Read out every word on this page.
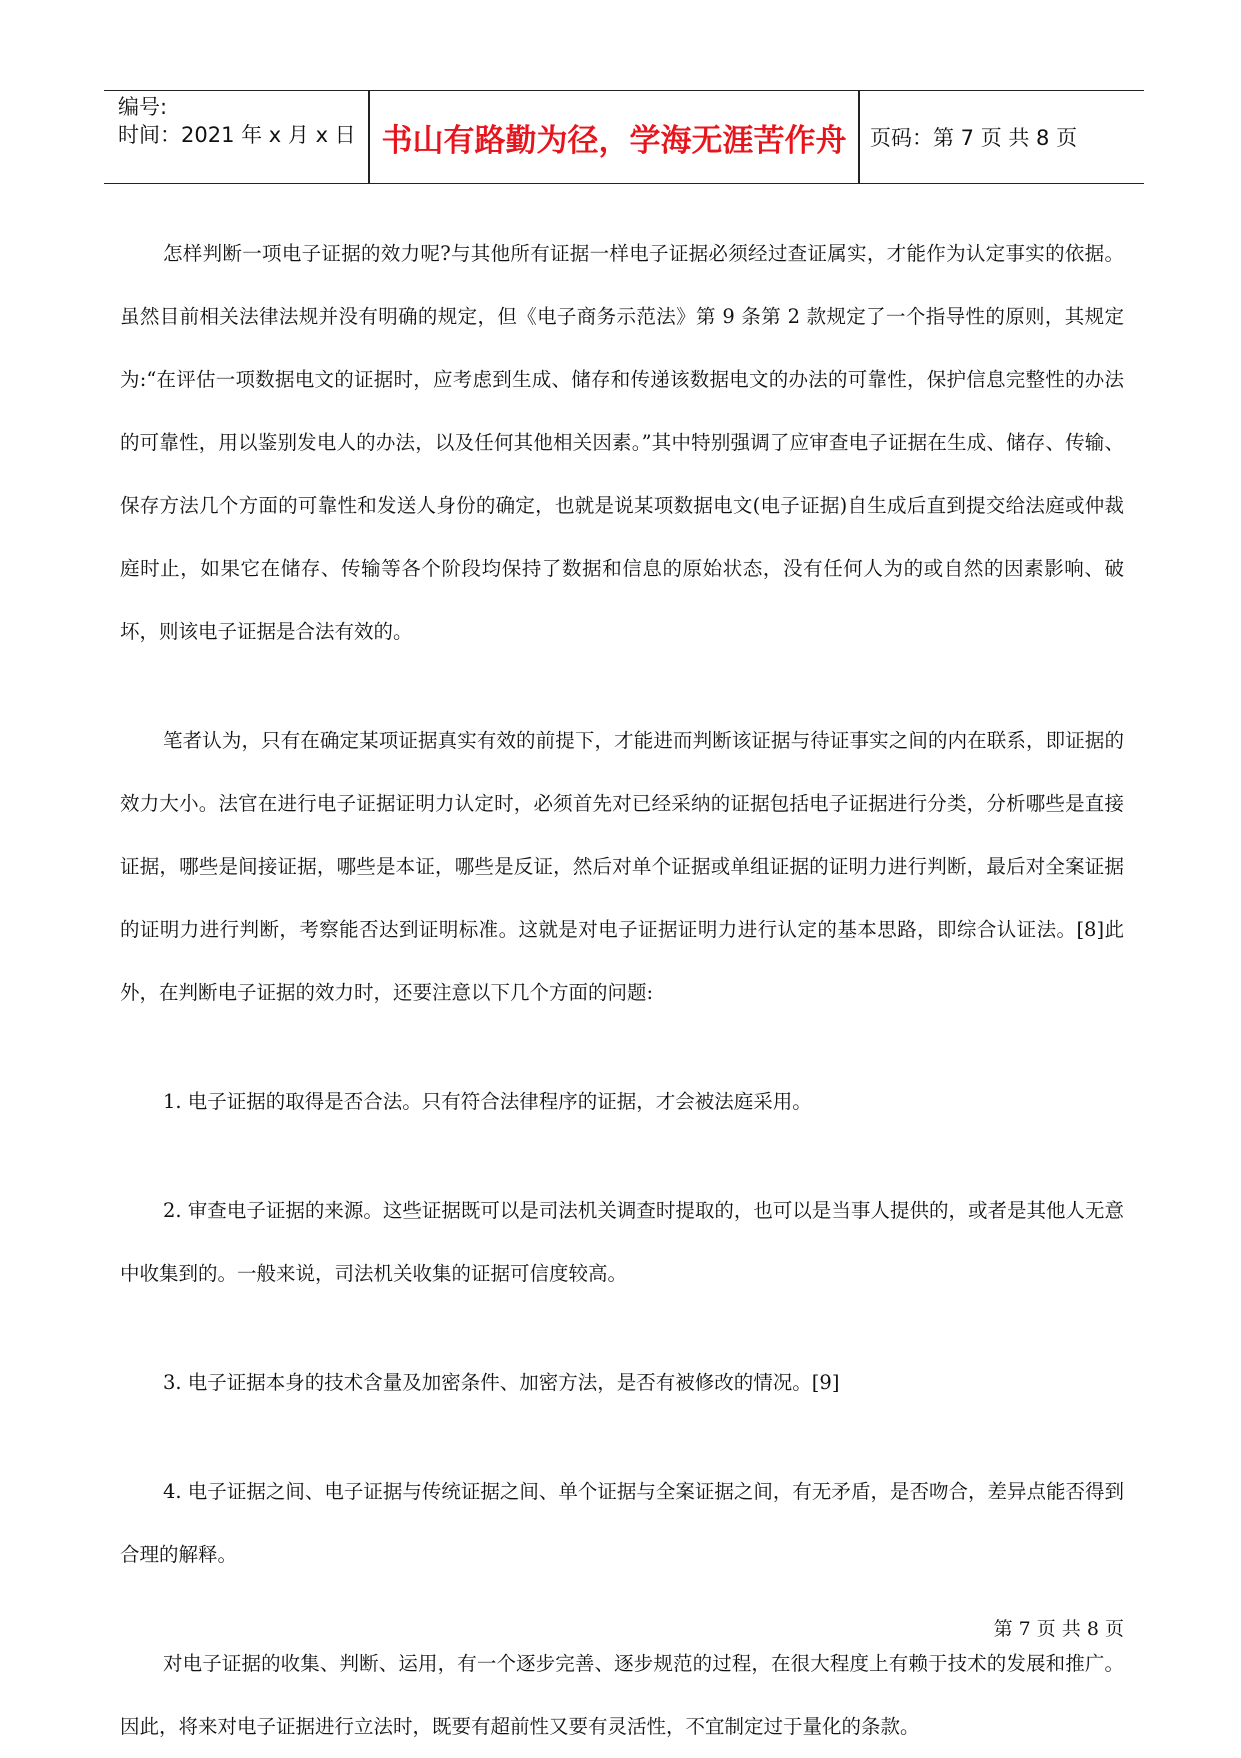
编号:
时间：2021 年 x 月 x 日 书山有路勤为径，学海无涯苦作舟	页码：第 7 页 共 8 页

怎样判断一项电子证据的效力呢?与其他所有证据一样电子证据必须经过查证属实，才能作为认定事实的依据。虽然目前相关法律法规并没有明确的规定，但《电子商务示范法》第 9 条第 2 款规定了一个指导性的原则，其规定为:“在评估一项数据电文的证据时，应考虑到生成、储存和传递该数据电文的办法的可靠性，保护信息完整性的办法的可靠性，用以鉴别发电人的办法，以及任何其他相关因素。”其中特别强调了应审查电子证据在生成、储存、传输、保存方法几个方面的可靠性和发送人身份的确定，也就是说某项数据电文(电子证据)自生成后直到提交给法庭或仲裁庭时止，如果它在储存、传输等各个阶段均保持了数据和信息的原始状态，没有任何人为的或自然的因素影响、破坏，则该电子证据是合法有效的。

笔者认为，只有在确定某项证据真实有效的前提下，才能进而判断该证据与待证事实之间的内在联系，即证据的效力大小。法官在进行电子证据证明力认定时，必须首先对已经采纳的证据包括电子证据进行分类，分析哪些是直接证据，哪些是间接证据，哪些是本证，哪些是反证，然后对单个证据或单组证据的证明力进行判断，最后对全案证据的证明力进行判断，考察能否达到证明标准。这就是对电子证据证明力进行认定的基本思路，即综合认证法。[8]此外，在判断电子证据的效力时，还要注意以下几个方面的问题:

1. 电子证据的取得是否合法。只有符合法律程序的证据，才会被法庭采用。

2. 审查电子证据的来源。这些证据既可以是司法机关调查时提取的，也可以是当事人提供的，或者是其他人无意中收集到的。一般来说，司法机关收集的证据可信度较高。

3. 电子证据本身的技术含量及加密条件、加密方法，是否有被修改的情况。[9]

4. 电子证据之间、电子证据与传统证据之间、单个证据与全案证据之间，有无矛盾，是否吻合，差异点能否得到合理的解释。

对电子证据的收集、判断、运用，有一个逐步完善、逐步规范的过程，在很大程度上有赖于技术的发展和推广。因此，将来对电子证据进行立法时，既要有超前性又要有灵活性，不宜制定过于量化的条款。

第 7 页 共 8 页
